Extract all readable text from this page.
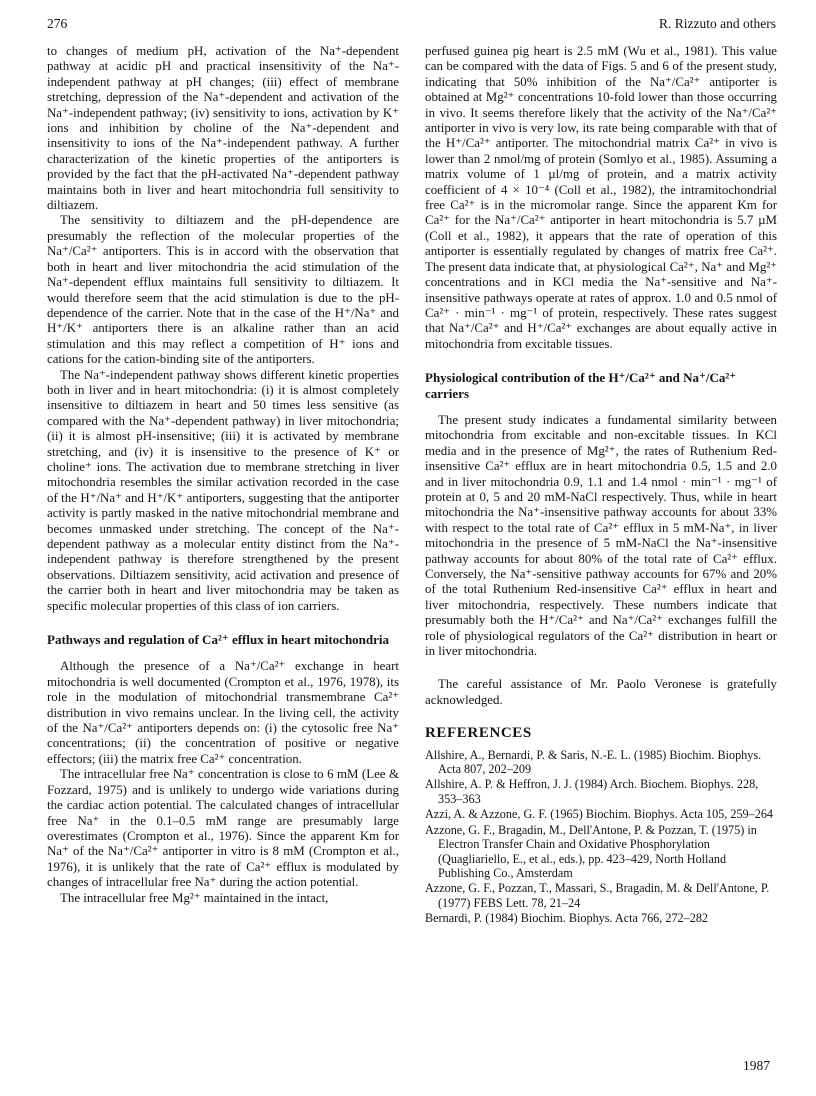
276	R. Rizzuto and others

to changes of medium pH, activation of the Na⁺-dependent pathway at acidic pH and practical insensitivity of the Na⁺-independent pathway at pH changes; (iii) effect of membrane stretching, depression of the Na⁺-dependent and activation of the Na⁺-independent pathway; (iv) sensitivity to ions, activation by K⁺ ions and inhibition by choline of the Na⁺-dependent and insensitivity to ions of the Na⁺-independent pathway. A further characterization of the kinetic properties of the antiporters is provided by the fact that the pH-activated Na⁺-dependent pathway maintains both in liver and heart mitochondria full sensitivity to diltiazem.

The sensitivity to diltiazem and the pH-dependence are presumably the reflection of the molecular properties of the Na⁺/Ca²⁺ antiporters. This is in accord with the observation that both in heart and liver mitochondria the acid stimulation of the Na⁺-dependent efflux maintains full sensitivity to diltiazem. It would therefore seem that the acid stimulation is due to the pH-dependence of the carrier. Note that in the case of the H⁺/Na⁺ and H⁺/K⁺ antiporters there is an alkaline rather than an acid stimulation and this may reflect a competition of H⁺ ions and cations for the cation-binding site of the antiporters.

The Na⁺-independent pathway shows different kinetic properties both in liver and in heart mitochondria: (i) it is almost completely insensitive to diltiazem in heart and 50 times less sensitive (as compared with the Na⁺-dependent pathway) in liver mitochondria; (ii) it is almost pH-insensitive; (iii) it is activated by membrane stretching, and (iv) it is insensitive to the presence of K⁺ or choline⁺ ions. The activation due to membrane stretching in liver mitochondria resembles the similar activation recorded in the case of the H⁺/Na⁺ and H⁺/K⁺ antiporters, suggesting that the antiporter activity is partly masked in the native mitochondrial membrane and becomes unmasked under stretching. The concept of the Na⁺-dependent pathway as a molecular entity distinct from the Na⁺-independent pathway is therefore strengthened by the present observations. Diltiazem sensitivity, acid activation and presence of the carrier both in heart and liver mitochondria may be taken as specific molecular properties of this class of ion carriers.

Pathways and regulation of Ca²⁺ efflux in heart mitochondria

Although the presence of a Na⁺/Ca²⁺ exchange in heart mitochondria is well documented (Crompton et al., 1976, 1978), its role in the modulation of mitochondrial transmembrane Ca²⁺ distribution in vivo remains unclear. In the living cell, the activity of the Na⁺/Ca²⁺ antiporters depends on: (i) the cytosolic free Na⁺ concentrations; (ii) the concentration of positive or negative effectors; (iii) the matrix free Ca²⁺ concentration.

The intracellular free Na⁺ concentration is close to 6 mM (Lee & Fozzard, 1975) and is unlikely to undergo wide variations during the cardiac action potential. The calculated changes of intracellular free Na⁺ in the 0.1–0.5 mM range are presumably large overestimates (Crompton et al., 1976). Since the apparent Km for Na⁺ of the Na⁺/Ca²⁺ antiporter in vitro is 8 mM (Crompton et al., 1976), it is unlikely that the rate of Ca²⁺ efflux is modulated by changes of intracellular free Na⁺ during the action potential.

The intracellular free Mg²⁺ maintained in the intact,

perfused guinea pig heart is 2.5 mM (Wu et al., 1981). This value can be compared with the data of Figs. 5 and 6 of the present study, indicating that 50% inhibition of the Na⁺/Ca²⁺ antiporter is obtained at Mg²⁺ concentrations 10-fold lower than those occurring in vivo. It seems therefore likely that the activity of the Na⁺/Ca²⁺ antiporter in vivo is very low, its rate being comparable with that of the H⁺/Ca²⁺ antiporter. The mitochondrial matrix Ca²⁺ in vivo is lower than 2 nmol/mg of protein (Somlyo et al., 1985). Assuming a matrix volume of 1 µl/mg of protein, and a matrix activity coefficient of 4 × 10⁻⁴ (Coll et al., 1982), the intramitochondrial free Ca²⁺ is in the micromolar range. Since the apparent Km for Ca²⁺ for the Na⁺/Ca²⁺ antiporter in heart mitochondria is 5.7 µM (Coll et al., 1982), it appears that the rate of operation of this antiporter is essentially regulated by changes of matrix free Ca²⁺. The present data indicate that, at physiological Ca²⁺, Na⁺ and Mg²⁺ concentrations and in KCl media the Na⁺-sensitive and Na⁺-insensitive pathways operate at rates of approx. 1.0 and 0.5 nmol of Ca²⁺ · min⁻¹ · mg⁻¹ of protein, respectively. These rates suggest that Na⁺/Ca²⁺ and H⁺/Ca²⁺ exchanges are about equally active in mitochondria from excitable tissues.

Physiological contribution of the H⁺/Ca²⁺ and Na⁺/Ca²⁺ carriers

The present study indicates a fundamental similarity between mitochondria from excitable and non-excitable tissues. In KCl media and in the presence of Mg²⁺, the rates of Ruthenium Red-insensitive Ca²⁺ efflux are in heart mitochondria 0.5, 1.5 and 2.0 and in liver mitochondria 0.9, 1.1 and 1.4 nmol · min⁻¹ · mg⁻¹ of protein at 0, 5 and 20 mM-NaCl respectively. Thus, while in heart mitochondria the Na⁺-insensitive pathway accounts for about 33% with respect to the total rate of Ca²⁺ efflux in 5 mM-Na⁺, in liver mitochondria in the presence of 5 mM-NaCl the Na⁺-insensitive pathway accounts for about 80% of the total rate of Ca²⁺ efflux. Conversely, the Na⁺-sensitive pathway accounts for 67% and 20% of the total Ruthenium Red-insensitive Ca²⁺ efflux in heart and liver mitochondria, respectively. These numbers indicate that presumably both the H⁺/Ca²⁺ and Na⁺/Ca²⁺ exchanges fulfill the role of physiological regulators of the Ca²⁺ distribution in heart or in liver mitochondria.

The careful assistance of Mr. Paolo Veronese is gratefully acknowledged.

REFERENCES

Allshire, A., Bernardi, P. & Saris, N.-E. L. (1985) Biochim. Biophys. Acta 807, 202–209

Allshire, A. P. & Heffron, J. J. (1984) Arch. Biochem. Biophys. 228, 353–363

Azzi, A. & Azzone, G. F. (1965) Biochim. Biophys. Acta 105, 259–264

Azzone, G. F., Bragadin, M., Dell'Antone, P. & Pozzan, T. (1975) in Electron Transfer Chain and Oxidative Phosphorylation (Quagliariello, E., et al., eds.), pp. 423–429, North Holland Publishing Co., Amsterdam

Azzone, G. F., Pozzan, T., Massari, S., Bragadin, M. & Dell'Antone, P. (1977) FEBS Lett. 78, 21–24

Bernardi, P. (1984) Biochim. Biophys. Acta 766, 272–282

1987
